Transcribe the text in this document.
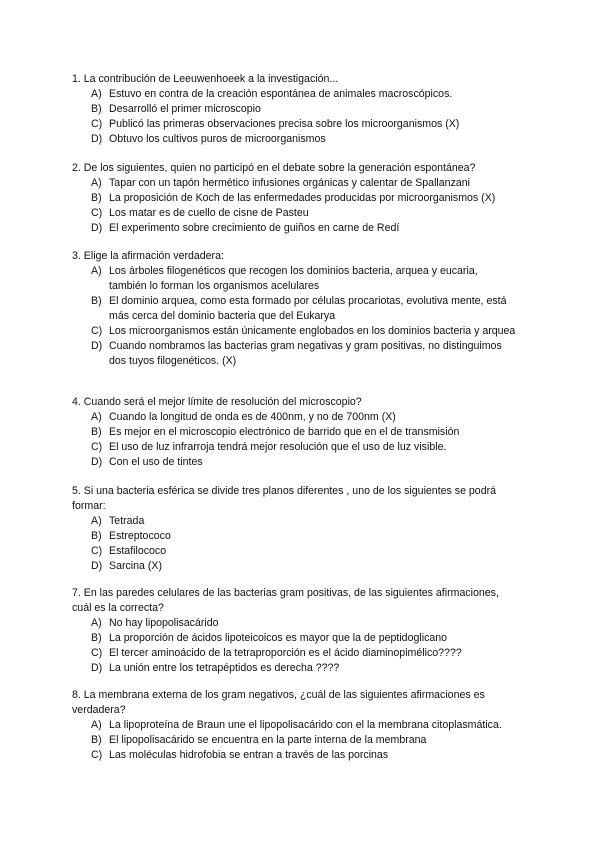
1. La contribución de Leeuwenhoeek a la investigación...
A) Estuvo en contra de la creación espontánea de animales macroscópicos.
B) Desarrolló el primer microscopio
C) Publicó las primeras observaciones precisa sobre los microorganismos (X)
D) Obtuvo los cultivos puros de microorganismos
2. De los siguientes, quien no participó en el debate sobre la generación espontánea?
A) Tapar con un tapón hermético infusiones orgánicas y calentar de Spallanzani
B) La proposición de Koch de las enfermedades producidas por microorganismos (X)
C) Los matar es de cuello de cisne de Pasteu
D) El experimento sobre crecimiento de guiños en carne de Redí
3. Elige la afirmación verdadera:
A) Los árboles filogenéticos que recogen los dominios bacteria, arquea y eucaria, también lo forman los organismos acelulares
B) El dominio arquea, como esta formado por células procariotas, evolutiva mente, está más cerca del dominio bacteria que del Eukarya
C) Los microorganismos están únicamente englobados en los dominios bacteria y arquea
D) Cuando nombramos las bacterias gram negativas y gram positivas, no distinguimos dos tuyos filogenéticos. (X)
4. Cuando será el mejor límite de resolución del microscopio?
A) Cuando la longitud de onda es de 400nm, y no de 700nm (X)
B) Es mejor en el microscopio electrónico de barrido que en el de transmisión
C) El uso de luz infrarroja tendrá mejor resolución que el uso de luz visible.
D) Con el uso de tintes
5. Si una bacteria esférica se divide tres planos diferentes , uno de los siguientes se podrá formar:
A) Tetrada
B) Estreptococo
C) Estafilococo
D) Sarcina (X)
7. En las paredes celulares de las bacterias gram positivas, de las siguientes afirmaciones, cuál es la correcta?
A) No hay lipopolisacárido
B) La proporción de ácidos lipoteicoicos es mayor que la de peptidoglicano
C) El tercer aminoácido de la tetraproporción es el ácido diaminopimélico????
D) La unión entre los tetrapéptidos es derecha ????
8. La membrana externa de los gram negativos, ¿cuál de las siguientes afirmaciones es verdadera?
A) La lipoproteína de Braun une el lipopolisacárido con el la membrana citoplasmática.
B) El lipopolisacárido se encuentra en la parte interna de la membrana
C) Las moléculas hidrofobia se entran a través de las porcinas
